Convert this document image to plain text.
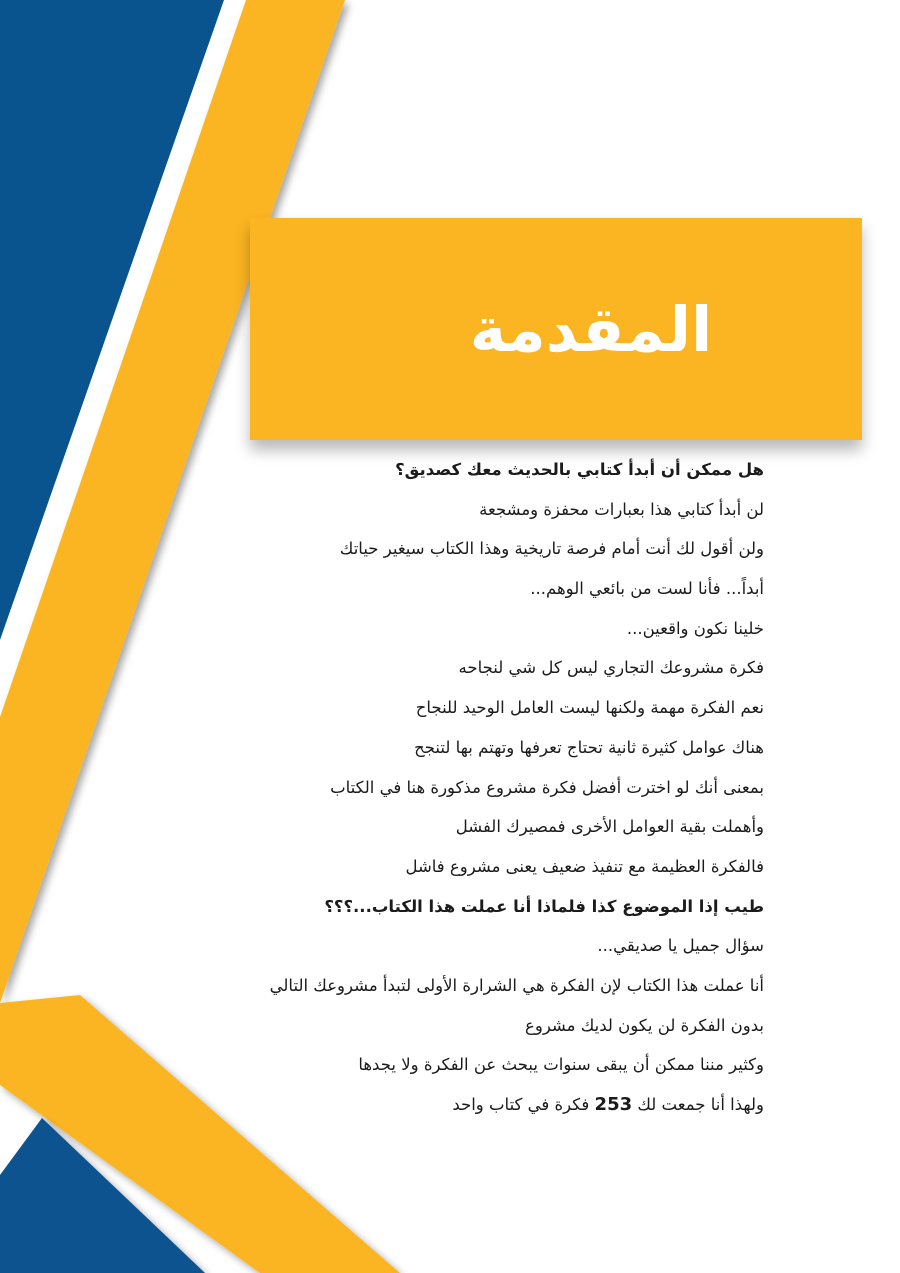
المقدمة
هل ممكن أن أبدأ كتابي بالحديث معك كصديق؟
لن أبدأ كتابي هذا بعبارات محفزة ومشجعة
ولن أقول لك أنت أمام فرصة تاريخية وهذا الكتاب سيغير حياتك
أبداً... فأنا لست من بائعي الوهم...
خلينا نكون واقعين...
فكرة مشروعك التجاري ليس كل شي لنجاحه
نعم الفكرة مهمة ولكنها ليست العامل الوحيد للنجاح
هناك عوامل كثيرة ثانية تحتاج تعرفها وتهتم بها لتنجح
بمعنى أنك لو اخترت أفضل فكرة مشروع مذكورة هنا في الكتاب
وأهملت بقية العوامل الأخرى فمصيرك الفشل
فالفكرة العظيمة مع تنفيذ ضعيف يعنى مشروع فاشل
طيب إذا الموضوع كذا فلماذا أنا عملت هذا الكتاب...؟؟؟
سؤال جميل يا صديقي...
أنا عملت هذا الكتاب لإن الفكرة هي الشرارة الأولى لتبدأ مشروعك التالي
بدون الفكرة لن يكون لديك مشروع
وكثير مننا ممكن أن يبقى سنوات يبحث عن الفكرة ولا يجدها
ولهذا أنا جمعت لك 253 فكرة في كتاب واحد
